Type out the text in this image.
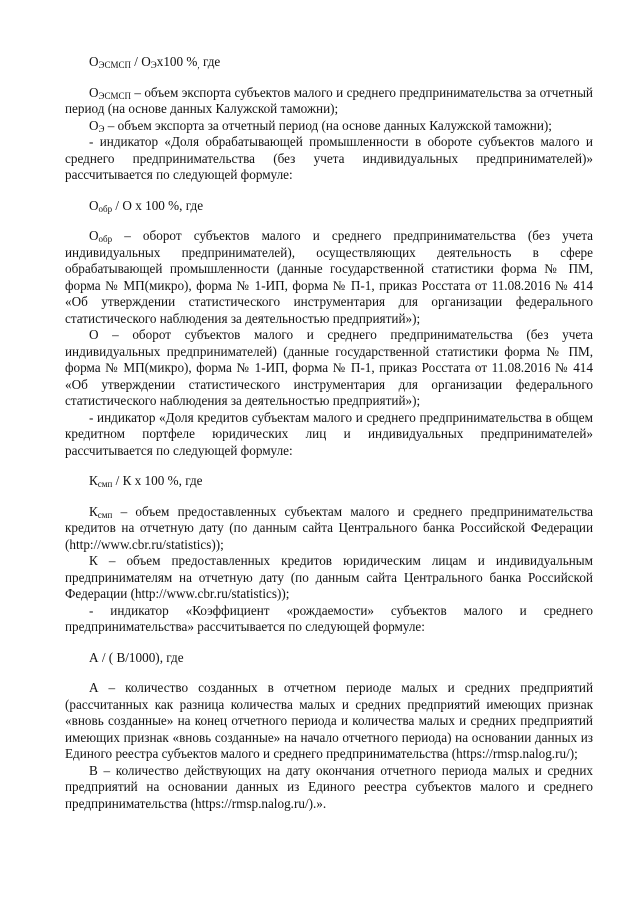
$О_{ЭСМСП} / О_Эх100$ $\%_,$ где

$О_{ЭСМСП}$ – объем экспорта субъектов малого и среднего предпринимательства за отчетный период (на основе данных Калужской таможни);

$О_Э$ – объем экспорта за отчетный период (на основе данных Калужской таможни);

- индикатор «Доля обрабатывающей промышленности в обороте субъектов малого и среднего предпринимательства (без учета индивидуальных предпринимателей)» рассчитывается по следующей формуле:

$О_{обр}$ / О х 100 %, где

$О_{обр}$ – оборот субъектов малого и среднего предпринимательства (без учета индивидуальных предпринимателей), осуществляющих деятельность в сфере обрабатывающей промышленности (данные государственной статистики форма № ПМ, форма № МП(микро), форма № 1-ИП, форма № П-1, приказ Росстата от 11.08.2016 № 414 «Об утверждении статистического инструментария для организации федерального статистического наблюдения за деятельностью предприятий»);

О – оборот субъектов малого и среднего предпринимательства (без учета индивидуальных предпринимателей) (данные государственной статистики форма № ПМ, форма № МП(микро), форма № 1-ИП, форма № П-1, приказ Росстата от 11.08.2016 № 414 «Об утверждении статистического инструментария для организации федерального статистического наблюдения за деятельностью предприятий»);

- индикатор «Доля кредитов субъектам малого и среднего предпринимательства в общем кредитном портфеле юридических лиц и индивидуальных предпринимателей» рассчитывается по следующей формуле:

$К_{смп}$ / К х 100 %, где

$К_{смп}$ – объем предоставленных субъектам малого и среднего предпринимательства кредитов на отчетную дату (по данным сайта Центрального банка Российской Федерации (http://www.cbr.ru/statistics));

К – объем предоставленных кредитов юридическим лицам и индивидуальным предпринимателям на отчетную дату (по данным сайта Центрального банка Российской Федерации (http://www.cbr.ru/statistics));

- индикатор «Коэффициент «рождаемости» субъектов малого и среднего предпринимательства» рассчитывается по следующей формуле:

А / ( В/1000), где

А – количество созданных в отчетном периоде малых и средних предприятий (рассчитанных как разница количества малых и средних предприятий имеющих признак «вновь созданные» на конец отчетного периода и количества малых и средних предприятий имеющих признак «вновь созданные» на начало отчетного периода) на основании данных из Единого реестра субъектов малого и среднего предпринимательства (https://rmsp.nalog.ru/);

В – количество действующих на дату окончания отчетного периода малых и средних предприятий на основании данных из Единого реестра субъектов малого и среднего предпринимательства (https://rmsp.nalog.ru/).».
